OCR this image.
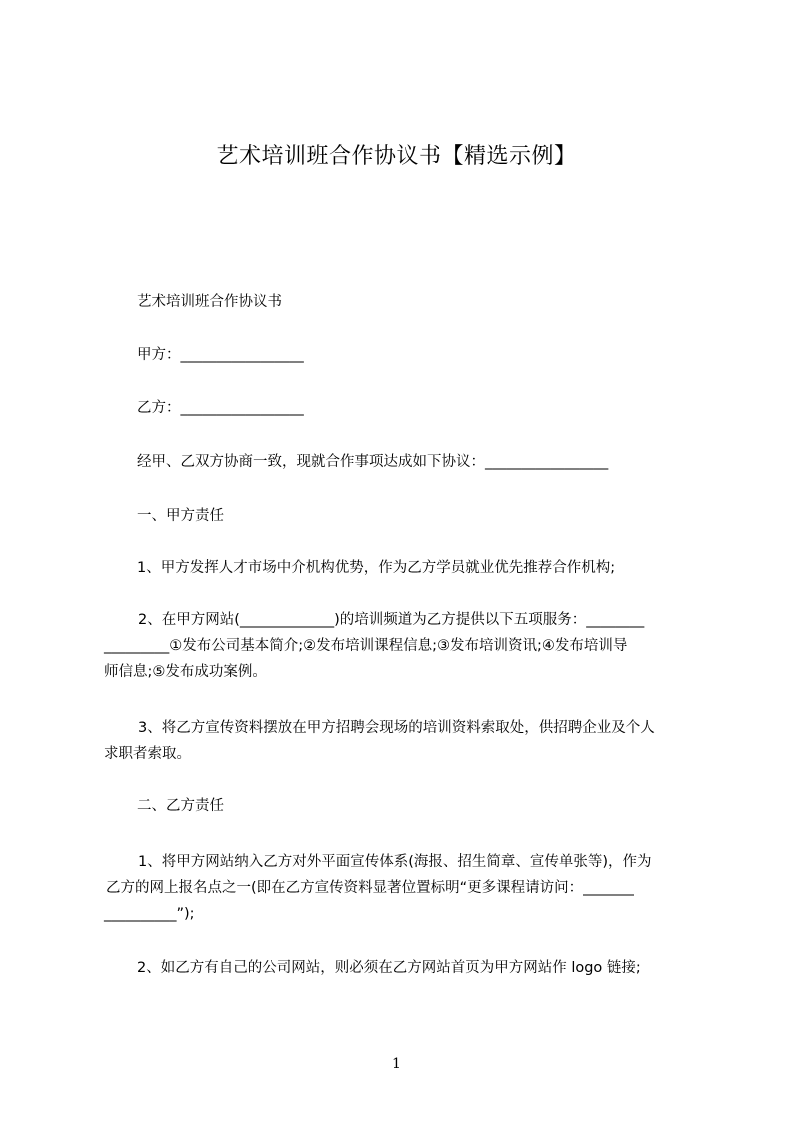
艺术培训班合作协议书【精选示例】

艺术培训班合作协议书

甲方：_________________

乙方：_________________

经甲、乙双方协商一致，现就合作事项达成如下协议：_________________

一、甲方责任

1、甲方发挥人才市场中介机构优势，作为乙方学员就业优先推荐合作机构;

2、在甲方网站(_____________)的培训频道为乙方提供以下五项服务：________
_________①发布公司基本简介;②发布培训课程信息;③发布培训资讯;④发布培训导
师信息;⑤发布成功案例。
3、将乙方宣传资料摆放在甲方招聘会现场的培训资料索取处，供招聘企业及个人
求职者索取。

二、乙方责任

1、将甲方网站纳入乙方对外平面宣传体系(海报、招生简章、宣传单张等)，作为
乙方的网上报名点之一(即在乙方宣传资料显著位置标明“更多课程请访问：_______
__________”);

2、如乙方有自己的公司网站，则必须在乙方网站首页为甲方网站作 logo 链接;

1
